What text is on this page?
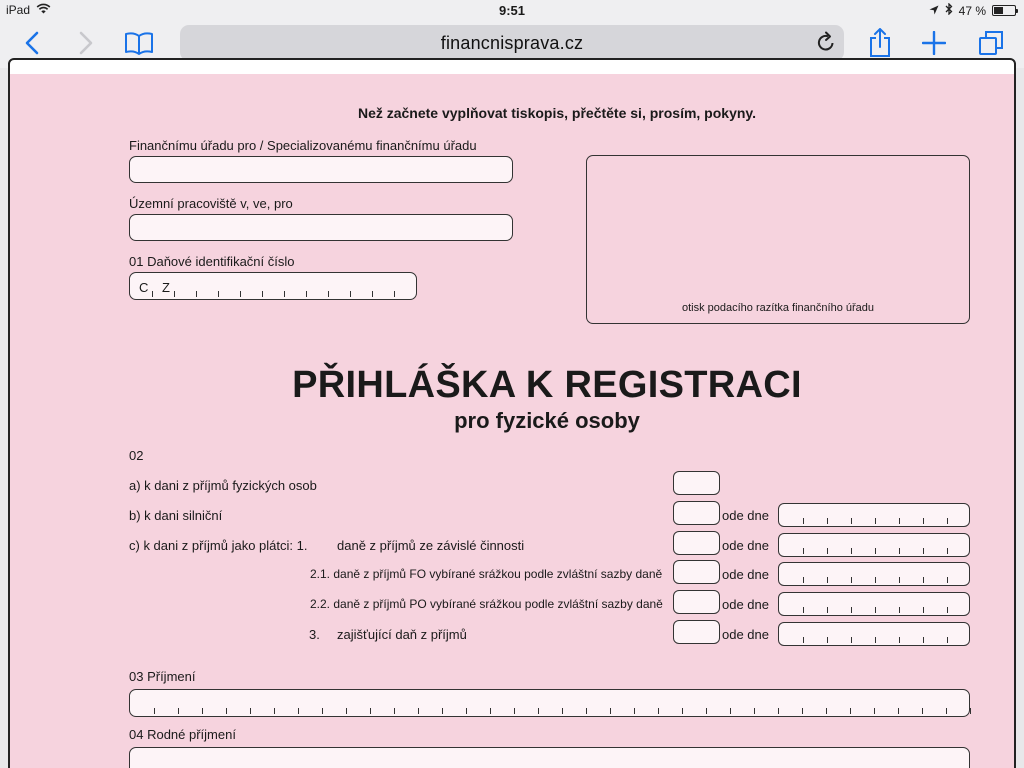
iPad	9:51	47 %
financnisprava.cz
Než začnete vyplňovat tiskopis, přečtěte si, prosím, pokyny.
Finančnímu úřadu pro / Specializovanému finančnímu úřadu
Územní pracoviště v, ve, pro
01 Daňové identifikační číslo
C Z
otisk podacího razítka finančního úřadu
PŘIHLÁŠKA K REGISTRACI
pro fyzické osoby
02
a) k dani z příjmů fyzických osob
b) k dani silniční	ode dne
c) k dani z příjmů jako plátci: 1. daně z příjmů ze závislé činnosti	ode dne
2.1. daně z příjmů FO vybírané srážkou podle zvláštní sazby daně	ode dne
2.2. daně z příjmů PO vybírané srážkou podle zvláštní sazby daně	ode dne
3. zajišťující daň z příjmů	ode dne
03 Příjmení
04 Rodné příjmení
